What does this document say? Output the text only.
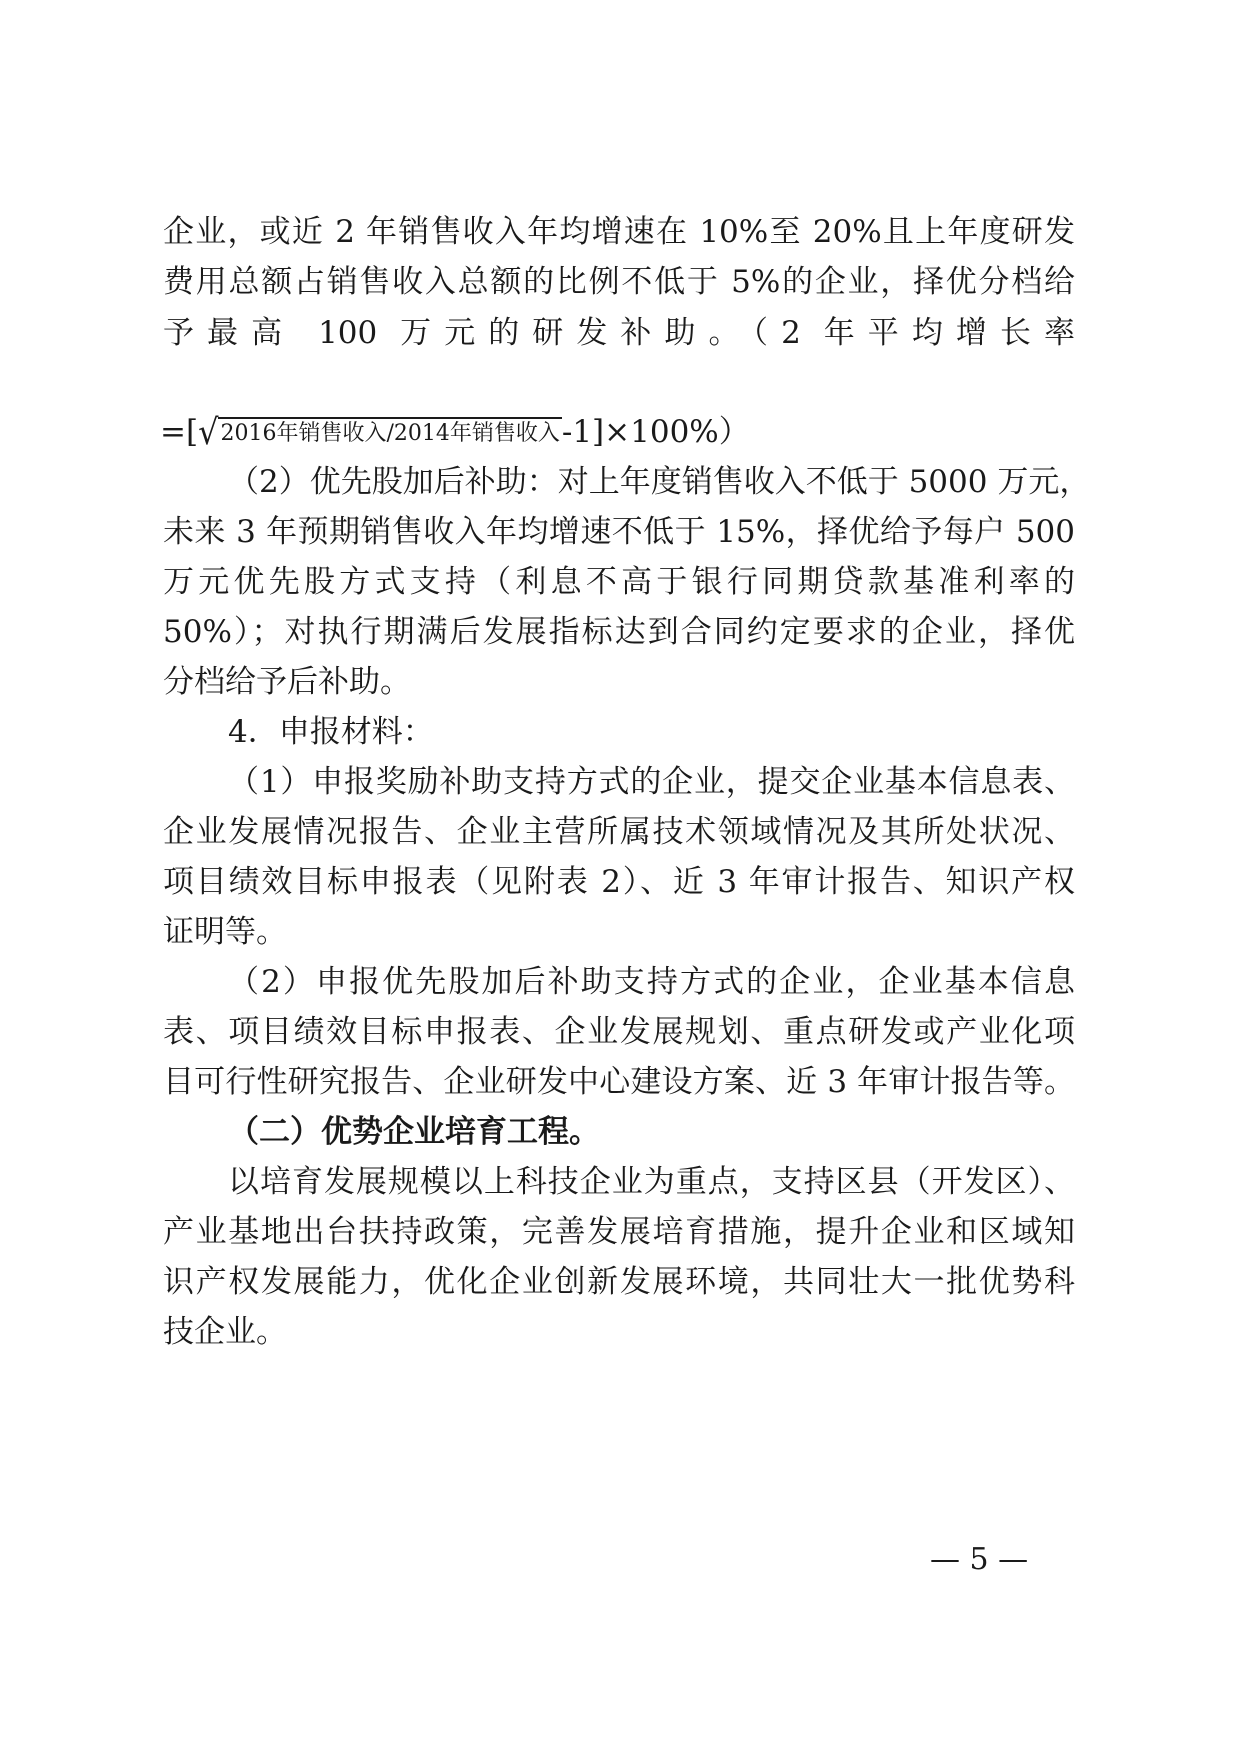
企业，或近 2 年销售收入年均增速在 10%至 20%且上年度研发
费用总额占销售收入总额的比例不低于 5%的企业，择优分档给
予最高 100 万元的研发补助。（2 年平均增长率
=[ √ 2016年销售收入/2014年销售收入 -1]×100%）
（2）优先股加后补助：对上年度销售收入不低于 5000 万元，
未来 3 年预期销售收入年均增速不低于 15%，择优给予每户 500
万元优先股方式支持（利息不高于银行同期贷款基准利率的
50%）；对执行期满后发展指标达到合同约定要求的企业，择优
分档给予后补助。
4．申报材料：
（1）申报奖励补助支持方式的企业，提交企业基本信息表、
企业发展情况报告、企业主营所属技术领域情况及其所处状况、
项目绩效目标申报表（见附表 2）、近 3 年审计报告、知识产权
证明等。
（2）申报优先股加后补助支持方式的企业，企业基本信息
表、项目绩效目标申报表、企业发展规划、重点研发或产业化项
目可行性研究报告、企业研发中心建设方案、近 3 年审计报告等。
（二）优势企业培育工程。
以培育发展规模以上科技企业为重点，支持区县（开发区）、
产业基地出台扶持政策，完善发展培育措施，提升企业和区域知
识产权发展能力，优化企业创新发展环境，共同壮大一批优势科
技企业。
— 5 —
